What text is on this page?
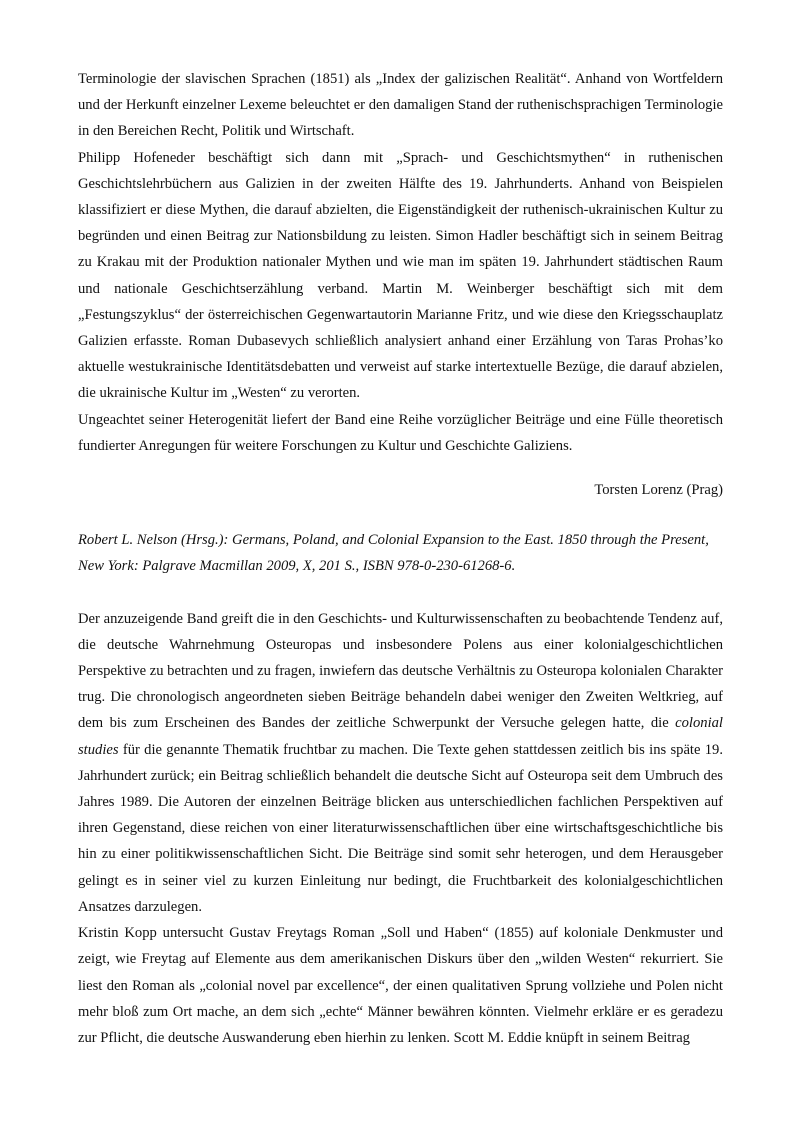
Terminologie der slavischen Sprachen (1851) als „Index der galizischen Realität“. Anhand von Wortfeldern und der Herkunft einzelner Lexeme beleuchtet er den damaligen Stand der ruthenischsprachigen Terminologie in den Bereichen Recht, Politik und Wirtschaft.

Philipp Hofeneder beschäftigt sich dann mit „Sprach- und Geschichtsmythen“ in ruthenischen Geschichtslehrbüchern aus Galizien in der zweiten Hälfte des 19. Jahrhunderts. Anhand von Beispielen klassifiziert er diese Mythen, die darauf abzielten, die Eigenständigkeit der ruthenisch-ukrainischen Kultur zu begründen und einen Beitrag zur Nationsbildung zu leisten. Simon Hadler beschäftigt sich in seinem Beitrag zu Krakau mit der Produktion nationaler Mythen und wie man im späten 19. Jahrhundert städtischen Raum und nationale Geschichtserzählung verband. Martin M. Weinberger beschäftigt sich mit dem „Festungszyklus“ der österreichischen Gegenwartautorin Marianne Fritz, und wie diese den Kriegsschauplatz Galizien erfasste. Roman Dubasevych schließlich analysiert anhand einer Erzählung von Taras Prohas’ko aktuelle westukrainische Identitätsdebatten und verweist auf starke intertextuelle Bezüge, die darauf abzielen, die ukrainische Kultur im „Westen“ zu verorten.

Ungeachtet seiner Heterogenität liefert der Band eine Reihe vorzüglicher Beiträge und eine Fülle theoretisch fundierter Anregungen für weitere Forschungen zu Kultur und Geschichte Galiziens.

Torsten Lorenz (Prag)

Robert L. Nelson (Hrsg.): Germans, Poland, and Colonial Expansion to the East. 1850 through the Present, New York: Palgrave Macmillan 2009, X, 201 S., ISBN 978-0-230-61268-6.

Der anzuzeigende Band greift die in den Geschichts- und Kulturwissenschaften zu beobachtende Tendenz auf, die deutsche Wahrnehmung Osteuropas und insbesondere Polens aus einer kolonialgeschichtlichen Perspektive zu betrachten und zu fragen, inwiefern das deutsche Verhältnis zu Osteuropa kolonialen Charakter trug. Die chronologisch angeordneten sieben Beiträge behandeln dabei weniger den Zweiten Weltkrieg, auf dem bis zum Erscheinen des Bandes der zeitliche Schwerpunkt der Versuche gelegen hatte, die colonial studies für die genannte Thematik fruchtbar zu machen. Die Texte gehen stattdessen zeitlich bis ins späte 19. Jahrhundert zurück; ein Beitrag schließlich behandelt die deutsche Sicht auf Osteuropa seit dem Umbruch des Jahres 1989. Die Autoren der einzelnen Beiträge blicken aus unterschiedlichen fachlichen Perspektiven auf ihren Gegenstand, diese reichen von einer literaturwissenschaftlichen über eine wirtschaftsgeschichtliche bis hin zu einer politikwissenschaftlichen Sicht. Die Beiträge sind somit sehr heterogen, und dem Herausgeber gelingt es in seiner viel zu kurzen Einleitung nur bedingt, die Fruchtbarkeit des kolonialgeschichtlichen Ansatzes darzulegen.

Kristin Kopp untersucht Gustav Freytags Roman „Soll und Haben“ (1855) auf koloniale Denkmuster und zeigt, wie Freytag auf Elemente aus dem amerikanischen Diskurs über den „wilden Westen“ rekurriert. Sie liest den Roman als „colonial novel par excellence“, der einen qualitativen Sprung vollziehe und Polen nicht mehr bloß zum Ort mache, an dem sich „echte“ Männer bewähren könnten. Vielmehr erkläre er es geradezu zur Pflicht, die deutsche Auswanderung eben hierhin zu lenken. Scott M. Eddie knüpft in seinem Beitrag
